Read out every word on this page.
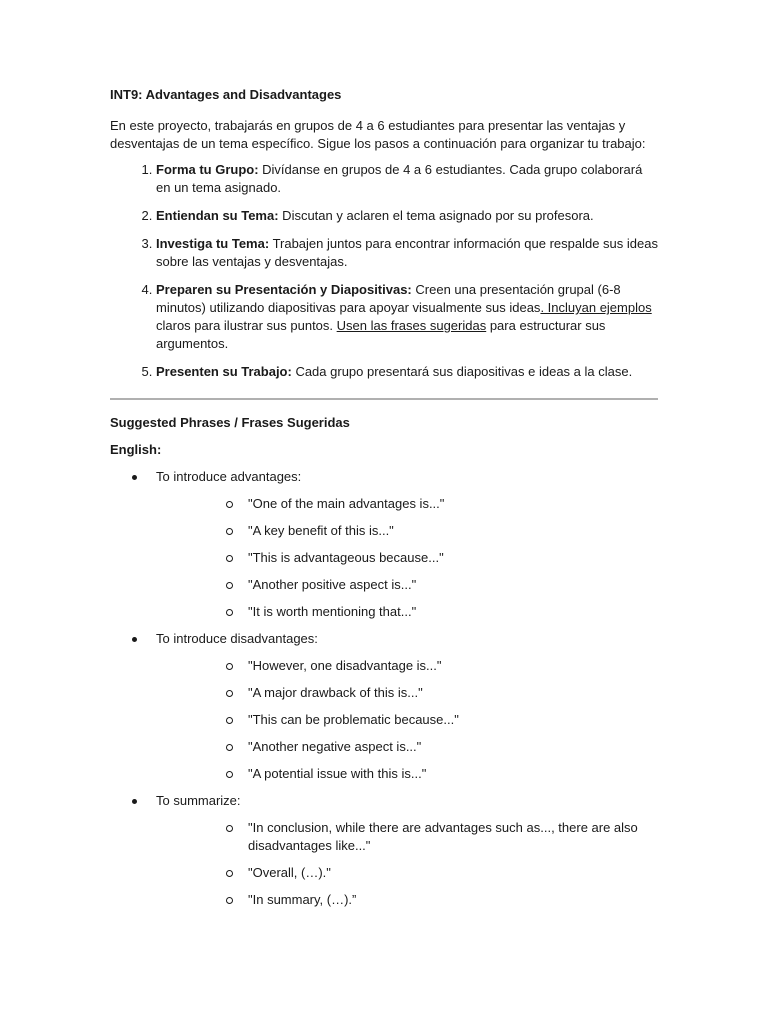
INT9: Advantages and Disadvantages

En este proyecto, trabajarás en grupos de 4 a 6 estudiantes para presentar las ventajas y desventajas de un tema específico. Sigue los pasos a continuación para organizar tu trabajo:

1. Forma tu Grupo: Divídanse en grupos de 4 a 6 estudiantes. Cada grupo colaborará en un tema asignado.
2. Entiendan su Tema: Discutan y aclaren el tema asignado por su profesora.
3. Investiga tu Tema: Trabajen juntos para encontrar información que respalde sus ideas sobre las ventajas y desventajas.
4. Preparen su Presentación y Diapositivas: Creen una presentación grupal (6-8 minutos) utilizando diapositivas para apoyar visualmente sus ideas. Incluyan ejemplos claros para ilustrar sus puntos. Usen las frases sugeridas para estructurar sus argumentos.
5. Presenten su Trabajo: Cada grupo presentará sus diapositivas e ideas a la clase.

Suggested Phrases / Frases Sugeridas

English:

To introduce advantages:
"One of the main advantages is..."
"A key benefit of this is..."
"This is advantageous because..."
"Another positive aspect is..."
"It is worth mentioning that..."
To introduce disadvantages:
"However, one disadvantage is..."
"A major drawback of this is..."
"This can be problematic because..."
"Another negative aspect is..."
"A potential issue with this is..."
To summarize:
"In conclusion, while there are advantages such as..., there are also disadvantages like..."
"Overall, (…)."
"In summary, (…).”
